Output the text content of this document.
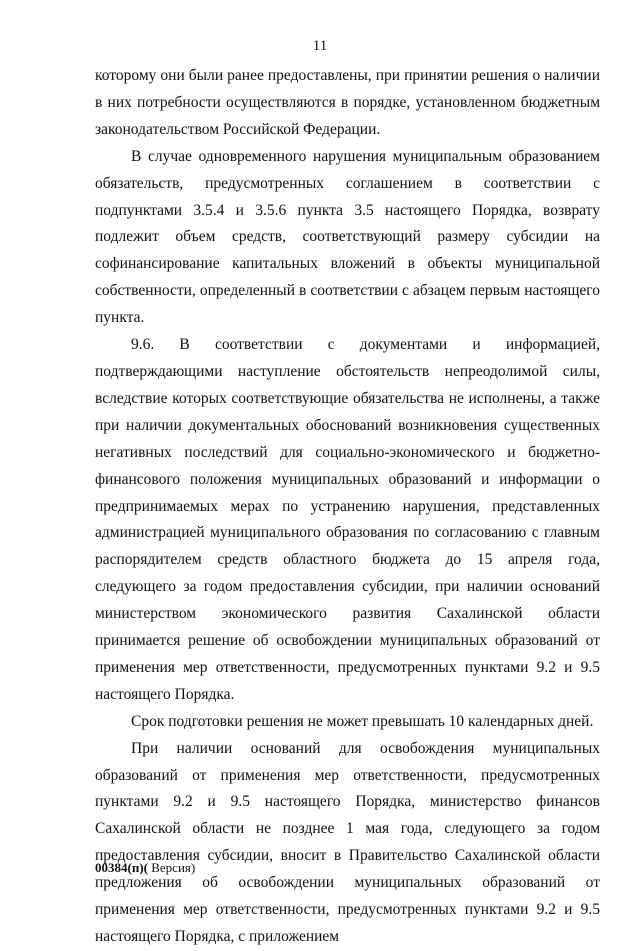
11

которому они были ранее предоставлены, при принятии решения о наличии в них потребности осуществляются в порядке, установленном бюджетным законодательством Российской Федерации.

В случае одновременного нарушения муниципальным образованием обязательств, предусмотренных соглашением в соответствии с подпунктами 3.5.4 и 3.5.6 пункта 3.5 настоящего Порядка, возврату подлежит объем средств, соответствующий размеру субсидии на софинансирование капитальных вложений в объекты муниципальной собственности, определенный в соответствии с абзацем первым настоящего пункта.

9.6. В соответствии с документами и информацией, подтверждающими наступление обстоятельств непреодолимой силы, вследствие которых соответствующие обязательства не исполнены, а также при наличии документальных обоснований возникновения существенных негативных последствий для социально-экономического и бюджетно-финансового положения муниципальных образований и информации о предпринимаемых мерах по устранению нарушения, представленных администрацией муниципального образования по согласованию с главным распорядителем средств областного бюджета до 15 апреля года, следующего за годом предоставления субсидии, при наличии оснований министерством экономического развития Сахалинской области принимается решение об освобождении муниципальных образований от применения мер ответственности, предусмотренных пунктами 9.2 и 9.5 настоящего Порядка.

Срок подготовки решения не может превышать 10 календарных дней.

При наличии оснований для освобождения муниципальных образований от применения мер ответственности, предусмотренных пунктами 9.2 и 9.5 настоящего Порядка, министерство финансов Сахалинской области не позднее 1 мая года, следующего за годом предоставления субсидии, вносит в Правительство Сахалинской области предложения об освобождении муниципальных образований от применения мер ответственности, предусмотренных пунктами 9.2 и 9.5 настоящего Порядка, с приложением

00384(п)( Версия)
